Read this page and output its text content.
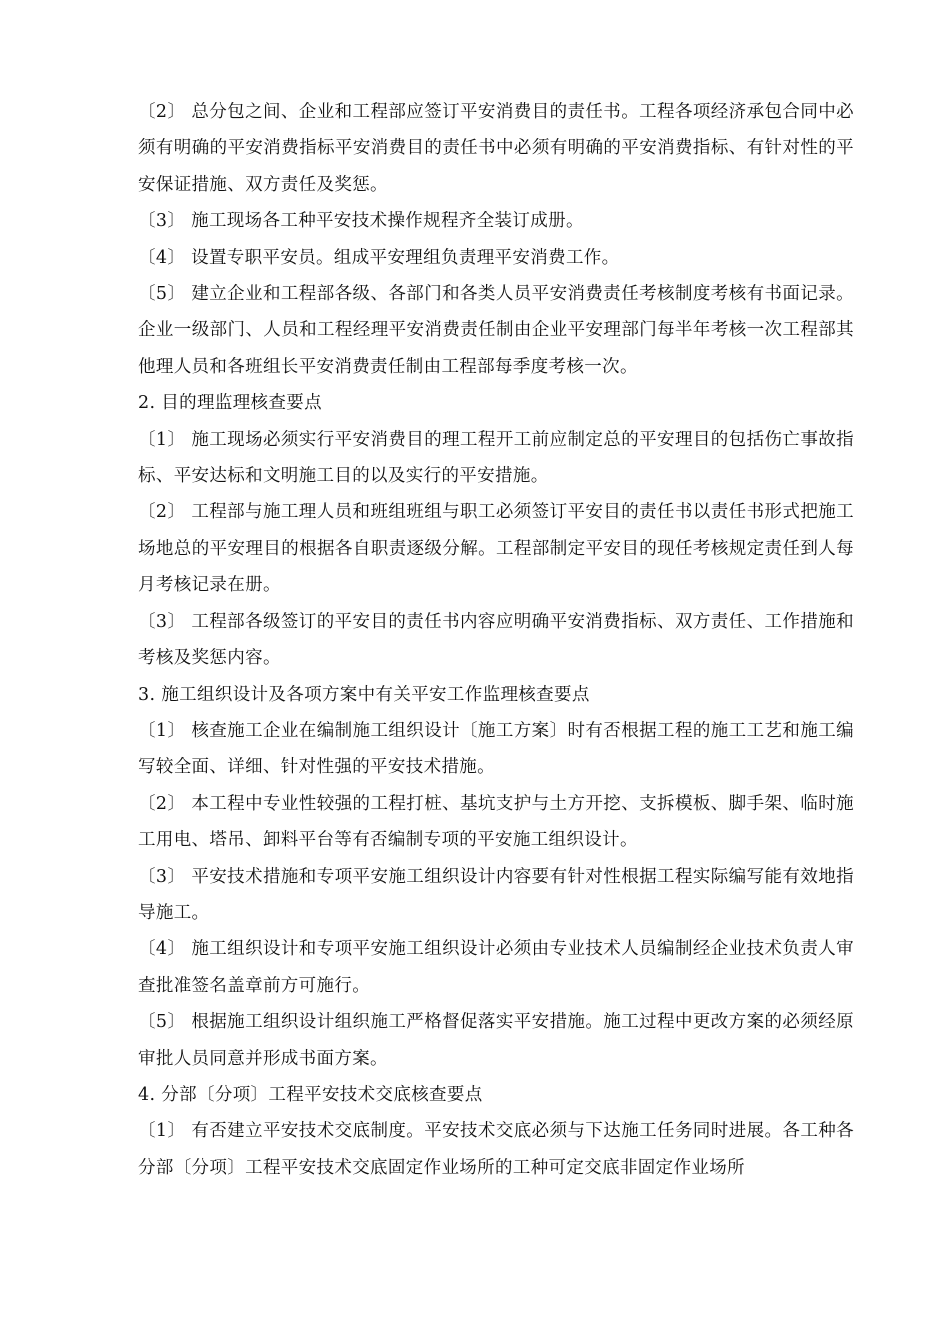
〔2〕 总分包之间、企业和工程部应签订平安消费目的责任书。工程各项经济承包合同中必须有明确的平安消费指标平安消费目的责任书中必须有明确的平安消费指标、有针对性的平安保证措施、双方责任及奖惩。

〔3〕 施工现场各工种平安技术操作规程齐全装订成册。

〔4〕 设置专职平安员。组成平安理组负责理平安消费工作。

〔5〕 建立企业和工程部各级、各部门和各类人员平安消费责任考核制度考核有书面记录。企业一级部门、人员和工程经理平安消费责任制由企业平安理部门每半年考核一次工程部其他理人员和各班组长平安消费责任制由工程部每季度考核一次。

2. 目的理监理核查要点

〔1〕 施工现场必须实行平安消费目的理工程开工前应制定总的平安理目的包括伤亡事故指标、平安达标和文明施工目的以及实行的平安措施。

〔2〕 工程部与施工理人员和班组班组与职工必须签订平安目的责任书以责任书形式把施工场地总的平安理目的根据各自职责逐级分解。工程部制定平安目的现任考核规定责任到人每月考核记录在册。

〔3〕 工程部各级签订的平安目的责任书内容应明确平安消费指标、双方责任、工作措施和考核及奖惩内容。

3. 施工组织设计及各项方案中有关平安工作监理核查要点

〔1〕 核查施工企业在编制施工组织设计〔施工方案〕时有否根据工程的施工工艺和施工编写较全面、详细、针对性强的平安技术措施。

〔2〕 本工程中专业性较强的工程打桩、基坑支护与土方开挖、支拆模板、脚手架、临时施工用电、塔吊、卸料平台等有否编制专项的平安施工组织设计。

〔3〕 平安技术措施和专项平安施工组织设计内容要有针对性根据工程实际编写能有效地指导施工。

〔4〕 施工组织设计和专项平安施工组织设计必须由专业技术人员编制经企业技术负责人审查批准签名盖章前方可施行。

〔5〕 根据施工组织设计组织施工严格督促落实平安措施。施工过程中更改方案的必须经原审批人员同意并形成书面方案。

4. 分部〔分项〕工程平安技术交底核查要点

〔1〕 有否建立平安技术交底制度。平安技术交底必须与下达施工任务同时进展。各工种各分部〔分项〕工程平安技术交底固定作业场所的工种可定交底非固定作业场所
